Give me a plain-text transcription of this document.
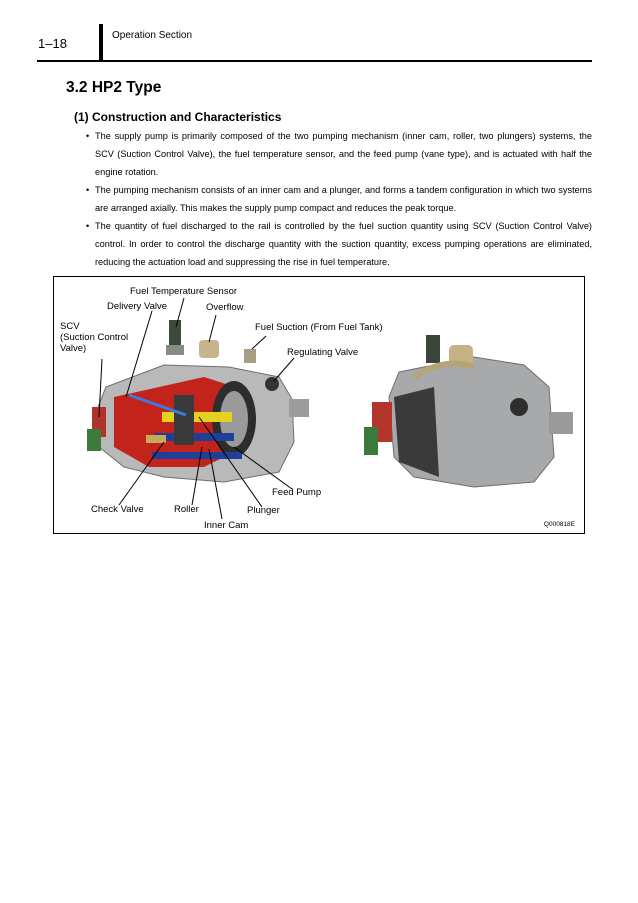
1–18
Operation Section
3.2 HP2 Type
(1) Construction and Characteristics
• The supply pump is primarily composed of the two pumping mechanism (inner cam, roller, two plungers) systems, the SCV (Suction Control Valve), the fuel temperature sensor, and the feed pump (vane type), and is actuated with half the engine rotation.
• The pumping mechanism consists of an inner cam and a plunger, and forms a tandem configuration in which two systems are arranged axially. This makes the supply pump compact and reduces the peak torque.
• The quantity of fuel discharged to the rail is controlled by the fuel suction quantity using SCV (Suction Control Valve) control. In order to control the discharge quantity with the suction quantity, excess pumping operations are eliminated, reducing the actuation load and suppressing the rise in fuel temperature.
Fuel Temperature Sensor
Delivery Valve	Overflow
SCV
(Suction Control
Valve)
Fuel Suction (From Fuel Tank)
Regulating Valve
Feed Pump
Check Valve	Roller	Plunger
Inner Cam	Q000818E
